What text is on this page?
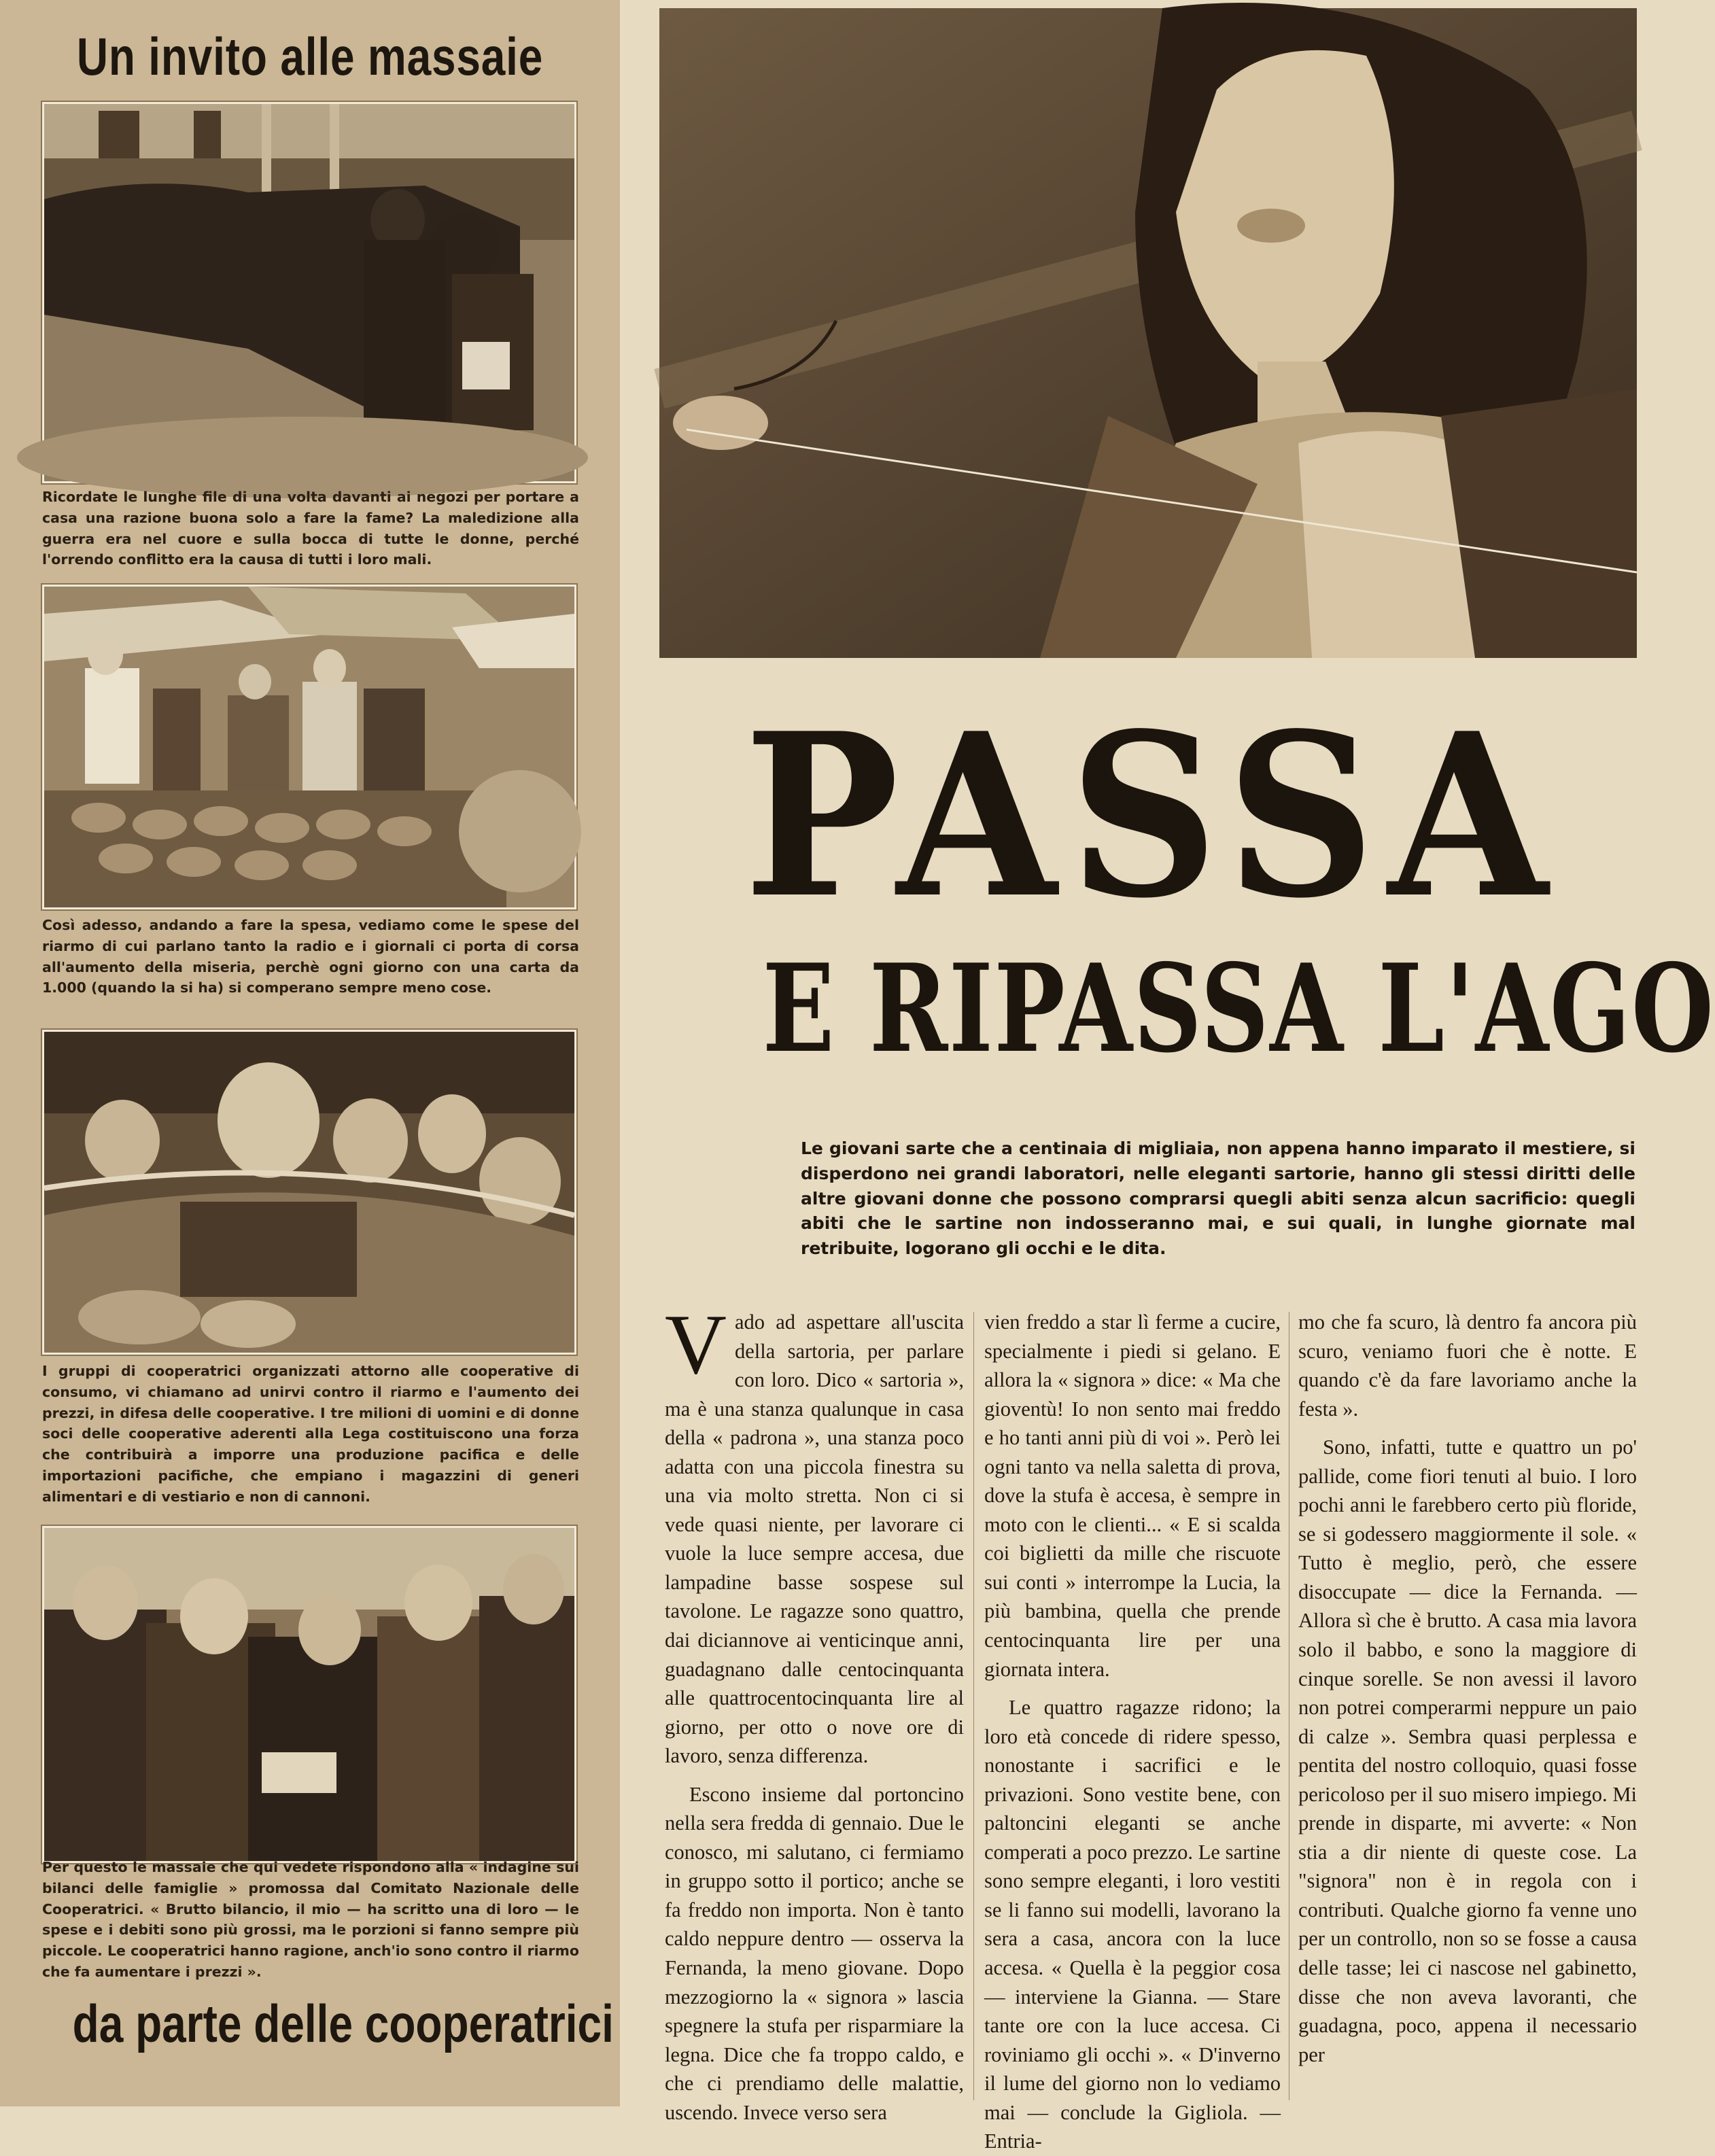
Un invito alle massaie
Ricordate le lunghe file di una volta davanti ai negozi per portare a casa una razione buona solo a fare la fame? La maledizione alla guerra era nel cuore e sulla bocca di tutte le donne, perché l'orrendo conflitto era la causa di tutti i loro mali.
Così adesso, andando a fare la spesa, vediamo come le spese del riarmo di cui parlano tanto la radio e i giornali ci porta di corsa all'aumento della miseria, perchè ogni giorno con una carta da 1.000 (quando la si ha) si comperano sempre meno cose.
I gruppi di cooperatrici organizzati attorno alle cooperative di consumo, vi chiamano ad unirvi contro il riarmo e l'aumento dei prezzi, in difesa delle cooperative. I tre milioni di uomini e di donne soci delle cooperative aderenti alla Lega costituiscono una forza che contribuirà a imporre una produzione pacifica e delle importazioni pacifiche, che empiano i magazzini di generi alimentari e di vestiario e non di cannoni.
Per questo le massaie che qui vedete rispondono alla « indagine sui bilanci delle famiglie » promossa dal Comitato Nazionale delle Cooperatrici. « Brutto bilancio, il mio — ha scritto una di loro — le spese e i debiti sono più grossi, ma le porzioni si fanno sempre più piccole. Le cooperatrici hanno ragione, anch'io sono contro il riarmo che fa aumentare i prezzi ».
da parte delle cooperatrici
PASSA
E RIPASSA L'AGO
Le giovani sarte che a centinaia di migliaia, non appena hanno imparato il mestiere, si disperdono nei grandi laboratori, nelle eleganti sartorie, hanno gli stessi diritti delle altre giovani donne che possono comprarsi quegli abiti senza alcun sacrificio: quegli abiti che le sartine non indosseranno mai, e sui quali, in lunghe giornate mal retribuite, logorano gli occhi e le dita.

Vado ad aspettare all'uscita della sartoria, per parlare con loro. Dico « sartoria », ma è una stanza qualunque in casa della « padrona », una stanza poco adatta con una piccola finestra su una via molto stretta. Non ci si vede quasi niente, per lavorare ci vuole la luce sempre accesa, due lampadine basse sospese sul tavolone. Le ragazze sono quattro, dai diciannove ai venticinque anni, guadagnano dalle centocinquanta alle quattrocentocinquanta lire al giorno, per otto o nove ore di lavoro, senza differenza.

Escono insieme dal portoncino nella sera fredda di gennaio. Due le conosco, mi salutano, ci fermiamo in gruppo sotto il portico; anche se fa freddo non importa. Non è tanto caldo neppure dentro — osserva la Fernanda, la meno giovane. Dopo mezzogiorno la « signora » lascia spegnere la stufa per risparmiare la legna. Dice che fa troppo caldo, e che ci prendiamo delle malattie, uscendo. Invece verso sera

vien freddo a star lì ferme a cucire, specialmente i piedi si gelano. E allora la « signora » dice: « Ma che gioventù! Io non sento mai freddo e ho tanti anni più di voi ». Però lei ogni tanto va nella saletta di prova, dove la stufa è accesa, è sempre in moto con le clienti... « E si scalda coi biglietti da mille che riscuote sui conti » interrompe la Lucia, la più bambina, quella che prende centocinquanta lire per una giornata intera.

Le quattro ragazze ridono; la loro età concede di ridere spesso, nonostante i sacrifici e le privazioni. Sono vestite bene, con paltoncini eleganti se anche comperati a poco prezzo. Le sartine sono sempre eleganti, i loro vestiti se li fanno sui modelli, lavorano la sera a casa, ancora con la luce accesa. « Quella è la peggior cosa — interviene la Gianna. — Stare tante ore con la luce accesa. Ci roviniamo gli occhi ». « D'inverno il lume del giorno non lo vediamo mai — conclude la Gigliola. — Entria-

mo che fa scuro, là dentro fa ancora più scuro, veniamo fuori che è notte. E quando c'è da fare lavoriamo anche la festa ».

Sono, infatti, tutte e quattro un po' pallide, come fiori tenuti al buio. I loro pochi anni le farebbero certo più floride, se si godessero maggiormente il sole. « Tutto è meglio, però, che essere disoccupate — dice la Fernanda. — Allora sì che è brutto. A casa mia lavora solo il babbo, e sono la maggiore di cinque sorelle. Se non avessi il lavoro non potrei comperarmi neppure un paio di calze ». Sembra quasi perplessa e pentita del nostro colloquio, quasi fosse pericoloso per il suo misero impiego. Mi prende in disparte, mi avverte: « Non stia a dir niente di queste cose. La "signora" non è in regola con i contributi. Qualche giorno fa venne uno per un controllo, non so se fosse a causa delle tasse; lei ci nascose nel gabinetto, disse che non aveva lavoranti, che guadagna, poco, appena il necessario per
